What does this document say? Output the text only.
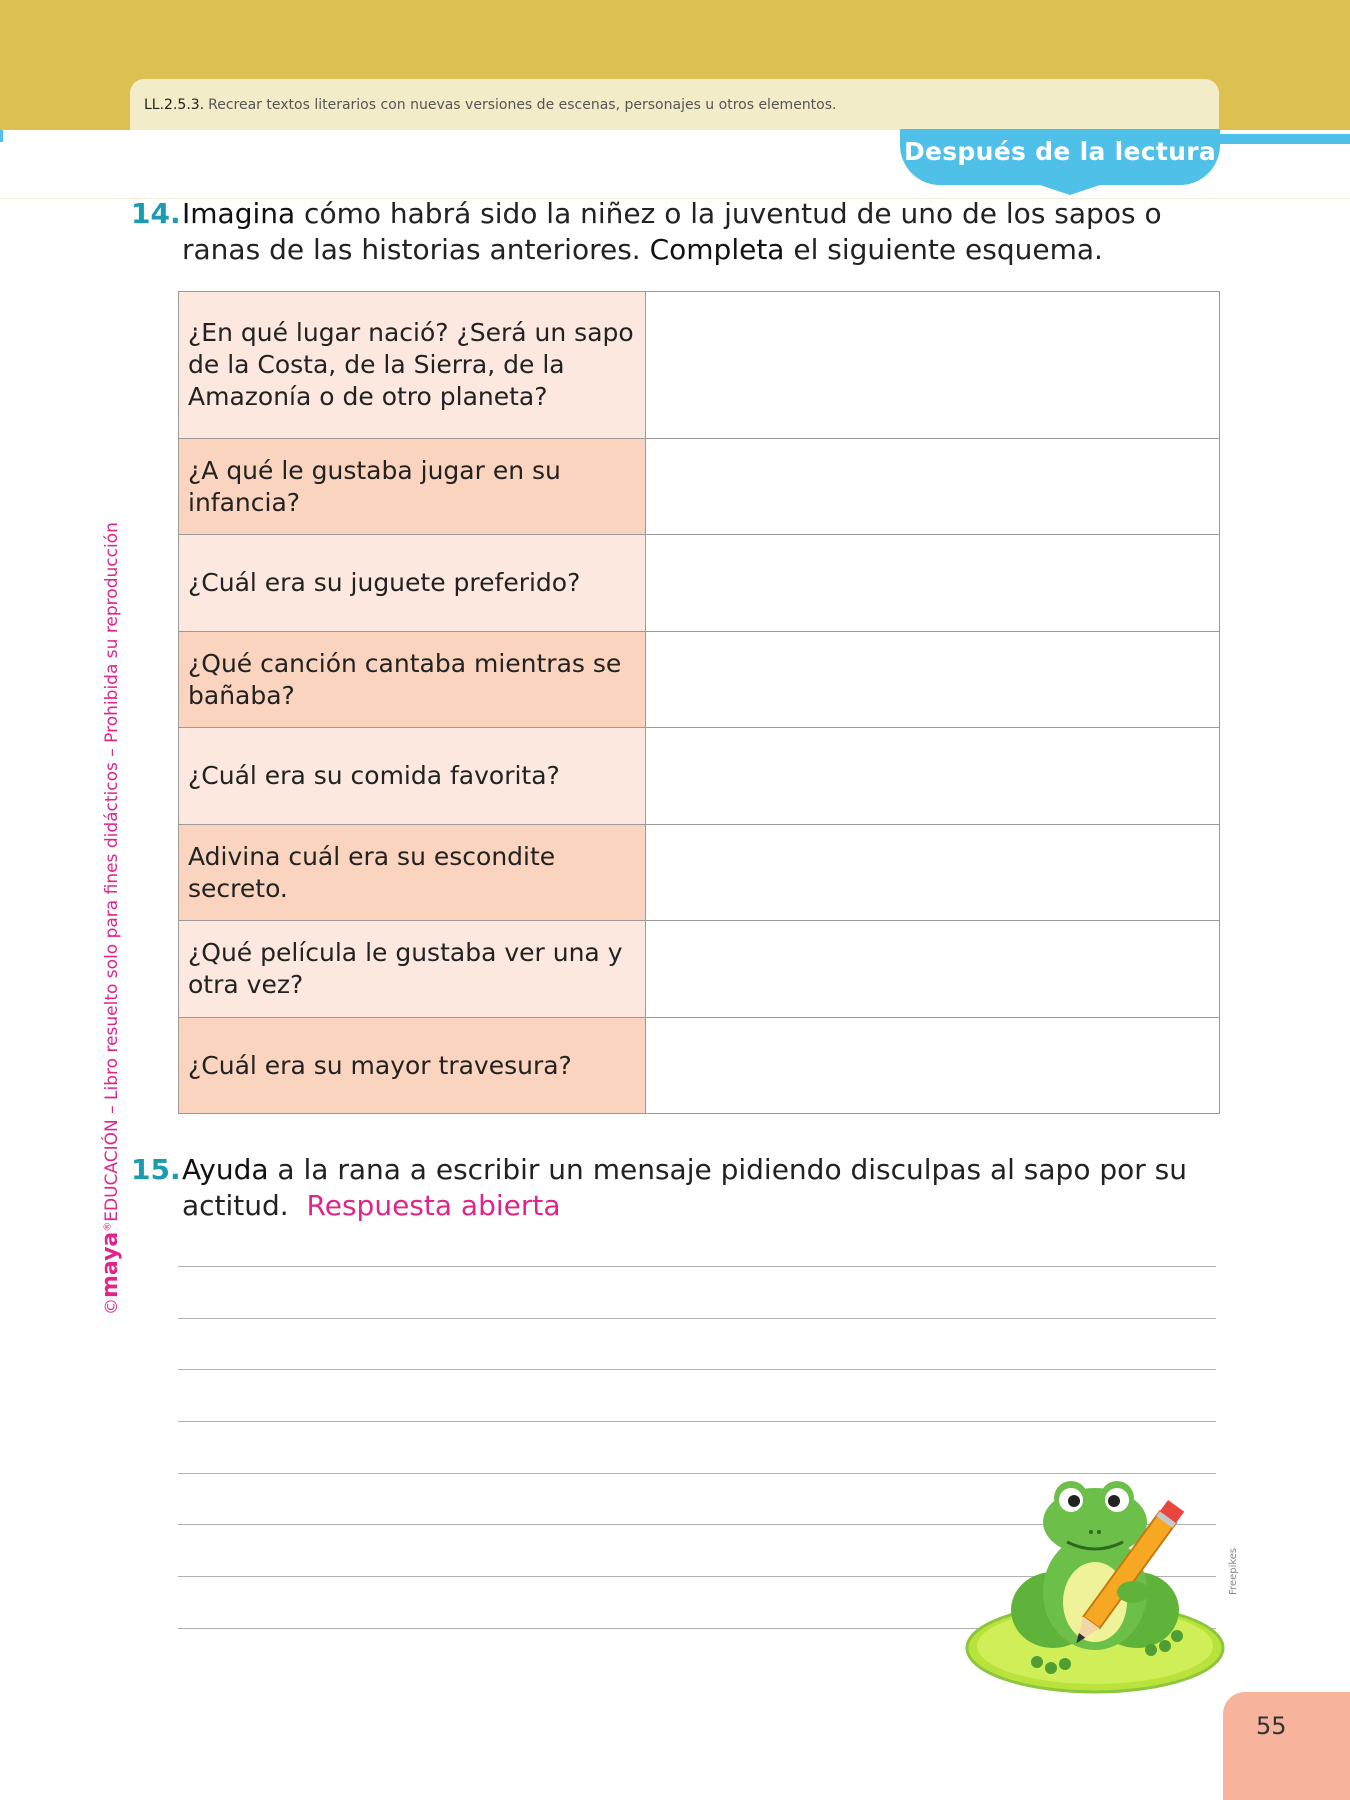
LL.2.5.3. Recrear textos literarios con nuevas versiones de escenas, personajes u otros elementos.
Después de la lectura
14. Imagina cómo habrá sido la niñez o la juventud de uno de los sapos o ranas de las historias anteriores. Completa el siguiente esquema.
¿En qué lugar nació? ¿Será un sapo de la Costa, de la Sierra, de la Amazonía o de otro planeta?	
¿A qué le gustaba jugar en su infancia?	
¿Cuál era su juguete preferido?	
¿Qué canción cantaba mientras se bañaba?	
¿Cuál era su comida favorita?	
Adivina cuál era su escondite secreto.	
¿Qué película le gustaba ver una y otra vez?	
¿Cuál era su mayor travesura?	
15. Ayuda a la rana a escribir un mensaje pidiendo disculpas al sapo por su actitud. Respuesta abierta
©maya®EDUCACIÓN – Libro resuelto solo para fines didácticos – Prohibida su reproducción
Freepikes
55
